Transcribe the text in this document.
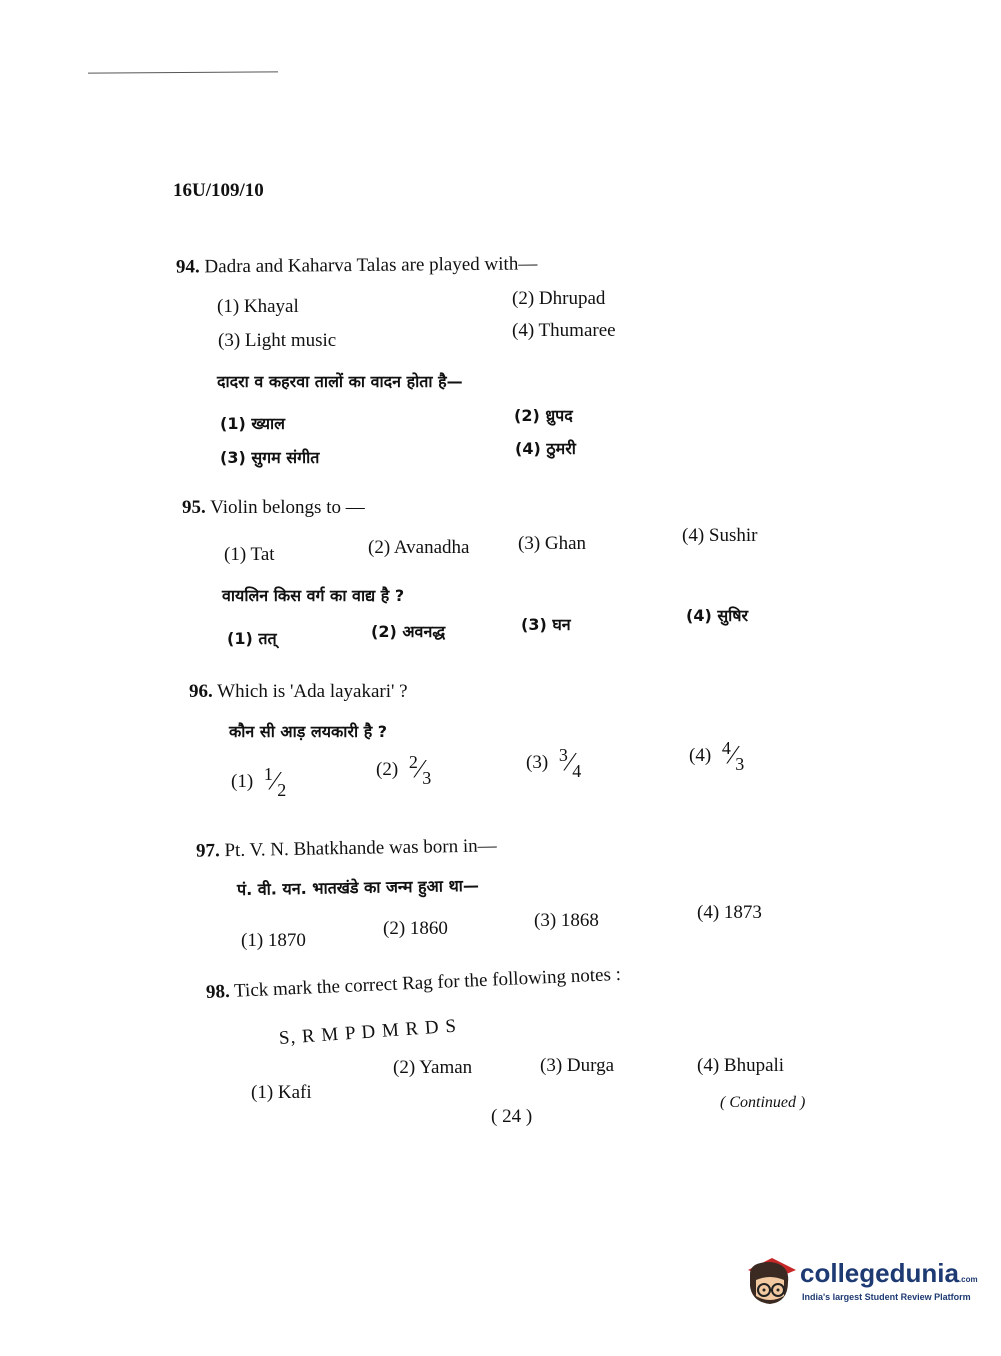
16U/109/10
94. Dadra and Kaharva Talas are played with—
(1) Khayal	(2) Dhrupad
(3) Light music	(4) Thumaree
दादरा व कहरवा तालों का वादन होता है—
(1) ख्याल	(2) ध्रुपद
(3) सुगम संगीत	(4) ठुमरी
95. Violin belongs to —
(1) Tat	(2) Avanadha	(3) Ghan	(4) Sushir
वायलिन किस वर्ग का वाद्य है ?
(1) तत्	(2) अवनद्ध	(3) घन	(4) सुषिर
96. Which is 'Ada layakari' ?
कौन सी आड़ लयकारी है ?
(1) $^1⁄_2$
(2) $^2⁄_3$
(3) $^3⁄_4$
(4) $^4⁄_3$
97. Pt. V. N. Bhatkhande was born in—
पं. वी. यन. भातखंडे का जन्म हुआ था—
(1) 1870
(2) 1860	(3) 1868	(4) 1873
98. Tick mark the correct Rag for the following notes :
S, R M P D M R D S
(1) Kafi
(2) Yaman	(3) Durga	(4) Bhupali
( 24 )
( Continued )
collegedunia.com
India's largest Student Review Platform
